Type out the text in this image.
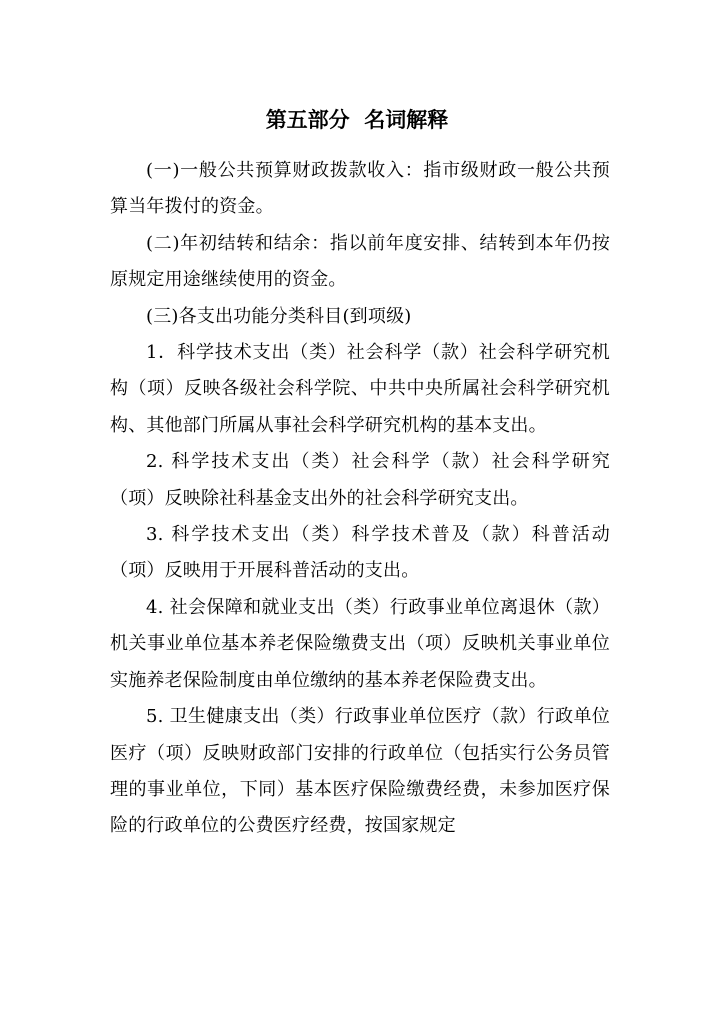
第五部分  名词解释

(一)一般公共预算财政拨款收入：指市级财政一般公共预算当年拨付的资金。

(二)年初结转和结余：指以前年度安排、结转到本年仍按原规定用途继续使用的资金。

(三)各支出功能分类科目(到项级)

1．科学技术支出（类）社会科学（款）社会科学研究机构（项）反映各级社会科学院、中共中央所属社会科学研究机构、其他部门所属从事社会科学研究机构的基本支出。

2. 科学技术支出（类）社会科学（款）社会科学研究（项）反映除社科基金支出外的社会科学研究支出。

3. 科学技术支出（类）科学技术普及（款）科普活动（项）反映用于开展科普活动的支出。

4. 社会保障和就业支出（类）行政事业单位离退休（款）机关事业单位基本养老保险缴费支出（项）反映机关事业单位实施养老保险制度由单位缴纳的基本养老保险费支出。

5. 卫生健康支出（类）行政事业单位医疗（款）行政单位医疗（项）反映财政部门安排的行政单位（包括实行公务员管理的事业单位，下同）基本医疗保险缴费经费，未参加医疗保险的行政单位的公费医疗经费，按国家规定
